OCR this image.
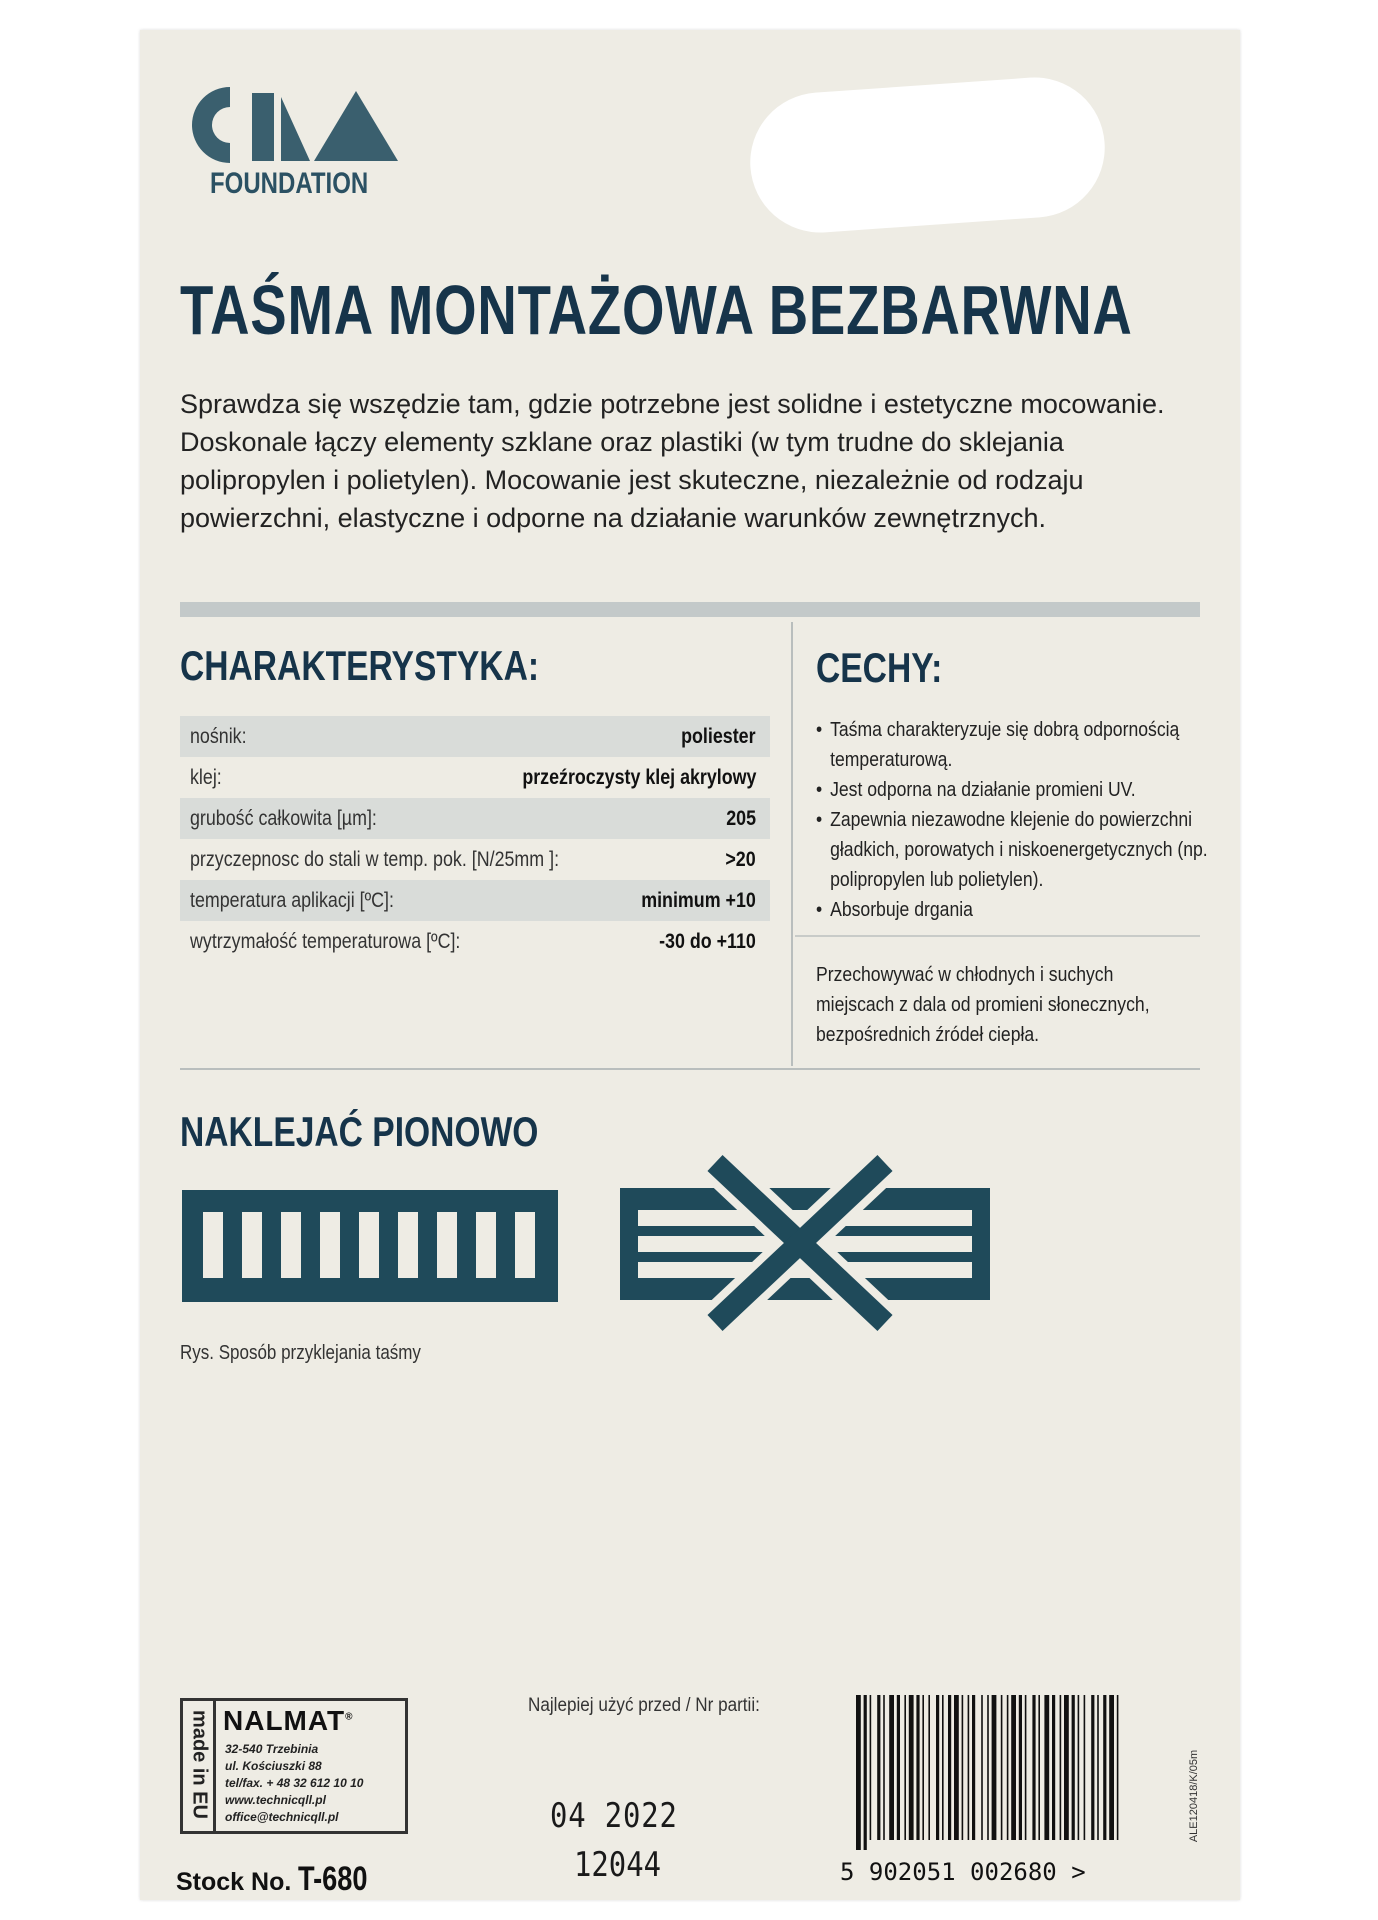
FOUNDATION
TAŚMA MONTAŻOWA BEZBARWNA
Sprawdza się wszędzie tam, gdzie potrzebne jest solidne i estetyczne mocowanie. Doskonale łączy elementy szklane oraz plastiki (w tym trudne do sklejania polipropylen i polietylen). Mocowanie jest skuteczne, niezależnie od rodzaju powierzchni, elastyczne i odporne na działanie warunków zewnętrznych.
CHARAKTERYSTYKA:
nośnik:	poliester
klej:	przeźroczysty klej akrylowy
grubość całkowita [µm]:	205
przyczepnosc do stali w temp. pok. [N/25mm ]:	>20
temperatura aplikacji [ºC]:	minimum +10
wytrzymałość temperaturowa [ºC]:	-30 do +110
CECHY:
• Taśma charakteryzuje się dobrą odpornością temperaturową.
• Jest odporna na działanie promieni UV.
• Zapewnia niezawodne klejenie do powierzchni gładkich, porowatych i niskoenergetycznych (np. polipropylen lub polietylen).
• Absorbuje drgania
Przechowywać w chłodnych i suchych miejscach z dala od promieni słonecznych, bezpośrednich źródeł ciepła.
NAKLEJAĆ PIONOWO
Rys. Sposób przyklejania taśmy
made in EU NALMAT®
32-540 Trzebinia
ul. Kościuszki 88
tel/fax. + 48 32 612 10 10
www.technicqll.pl
office@technicqll.pl
Stock No. T-680
Najlepiej użyć przed / Nr partii:
04 2022
12044	5 902051 002680 >
ALE120418/K/05m
